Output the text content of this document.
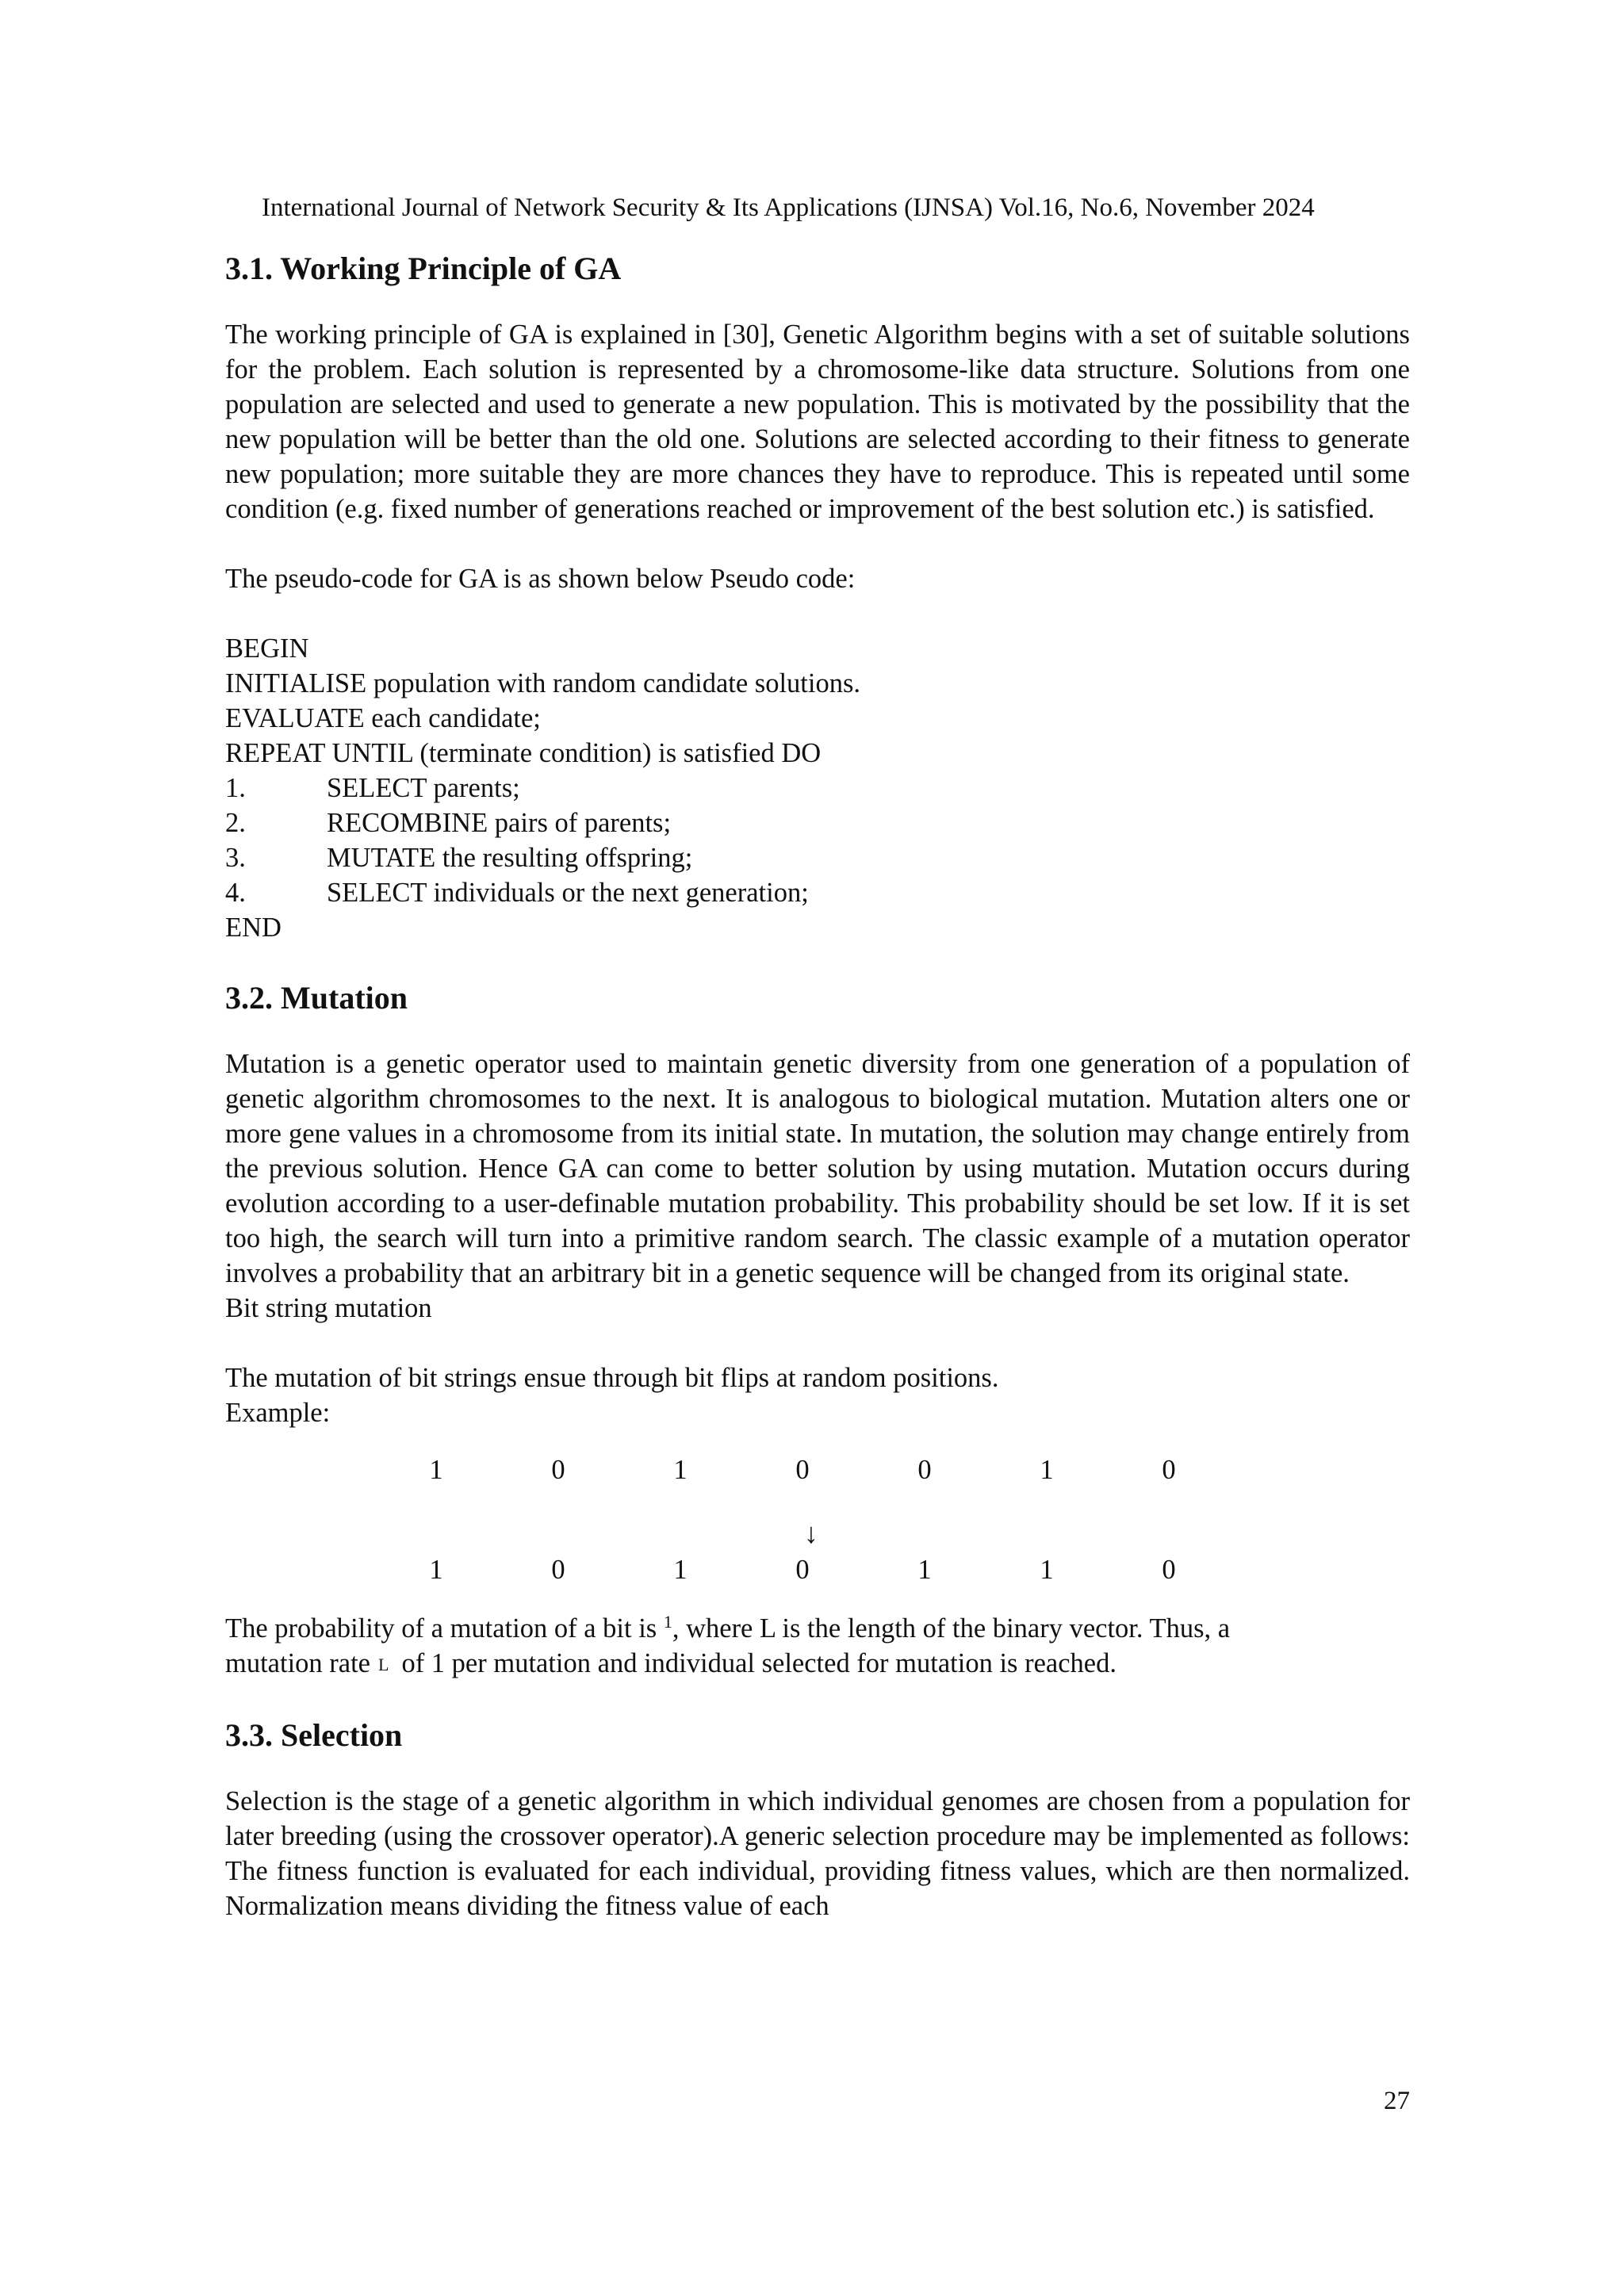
International Journal of Network Security & Its Applications (IJNSA) Vol.16, No.6, November 2024
3.1. Working Principle of GA

The working principle of GA is explained in [30], Genetic Algorithm begins with a set of suitable solutions for the problem. Each solution is represented by a chromosome-like data structure. Solutions from one population are selected and used to generate a new population. This is motivated by the possibility that the new population will be better than the old one. Solutions are selected according to their fitness to generate new population; more suitable they are more chances they have to reproduce. This is repeated until some condition (e.g. fixed number of generations reached or improvement of the best solution etc.) is satisfied.

The pseudo-code for GA is as shown below Pseudo code:

BEGIN
INITIALISE population with random candidate solutions.
EVALUATE each candidate;
REPEAT UNTIL (terminate condition) is satisfied DO
1.	SELECT parents;
2.	RECOMBINE pairs of parents;
3.	MUTATE the resulting offspring;
4.	SELECT individuals or the next generation;
END
3.2. Mutation

Mutation is a genetic operator used to maintain genetic diversity from one generation of a population of genetic algorithm chromosomes to the next. It is analogous to biological mutation. Mutation alters one or more gene values in a chromosome from its initial state. In mutation, the solution may change entirely from the previous solution. Hence GA can come to better solution by using mutation. Mutation occurs during evolution according to a user-definable mutation probability. This probability should be set low. If it is set too high, the search will turn into a primitive random search. The classic example of a mutation operator involves a probability that an arbitrary bit in a genetic sequence will be changed from its original state.

Bit string mutation

The mutation of bit strings ensue through bit flips at random positions.

Example:

1	0	1	0	0	1	0
↓
1	0	1	0	1	1	0

The probability of a mutation of a bit is $^1$, where L is the length of the binary vector. Thus, a

mutation rate L of 1 per mutation and individual selected for mutation is reached.

3.3. Selection

Selection is the stage of a genetic algorithm in which individual genomes are chosen from a population for later breeding (using the crossover operator).A generic selection procedure may be implemented as follows: The fitness function is evaluated for each individual, providing fitness values, which are then normalized. Normalization means dividing the fitness value of each

27
